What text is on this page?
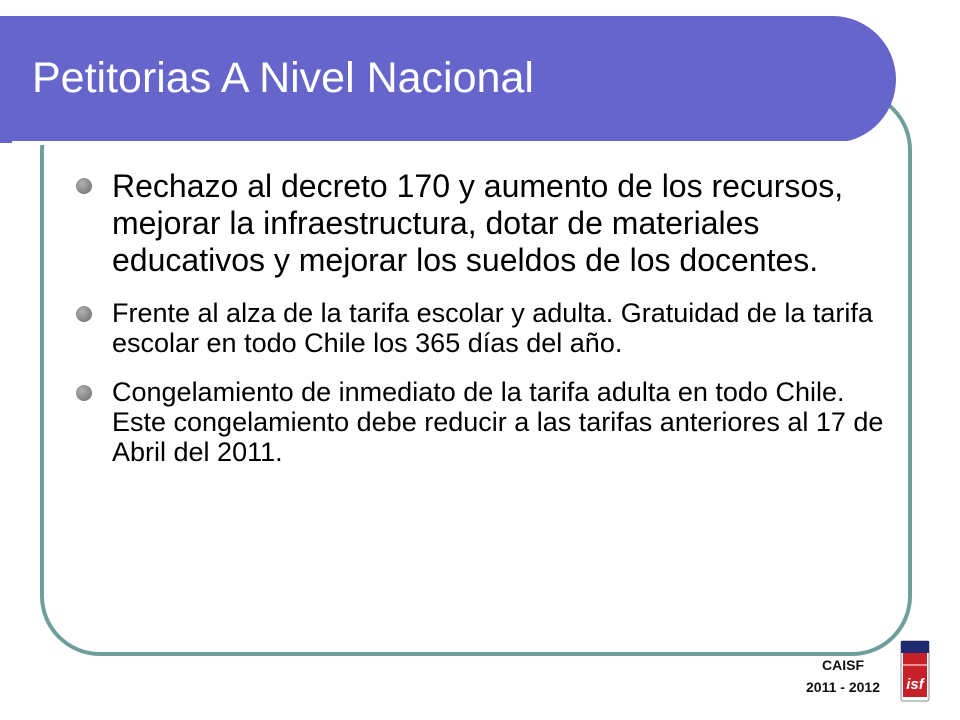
Petitorias A Nivel Nacional
Rechazo al decreto 170 y aumento de los recursos, mejorar la infraestructura, dotar de materiales educativos y mejorar los sueldos de los docentes.
Frente al alza de la tarifa escolar y adulta. Gratuidad de la tarifa escolar en todo Chile los 365 días del año.
Congelamiento de inmediato de la tarifa adulta en todo Chile. Este congelamiento debe reducir a las tarifas anteriores al 17 de Abril del 2011.
CAISF
2011 - 2012	isf
